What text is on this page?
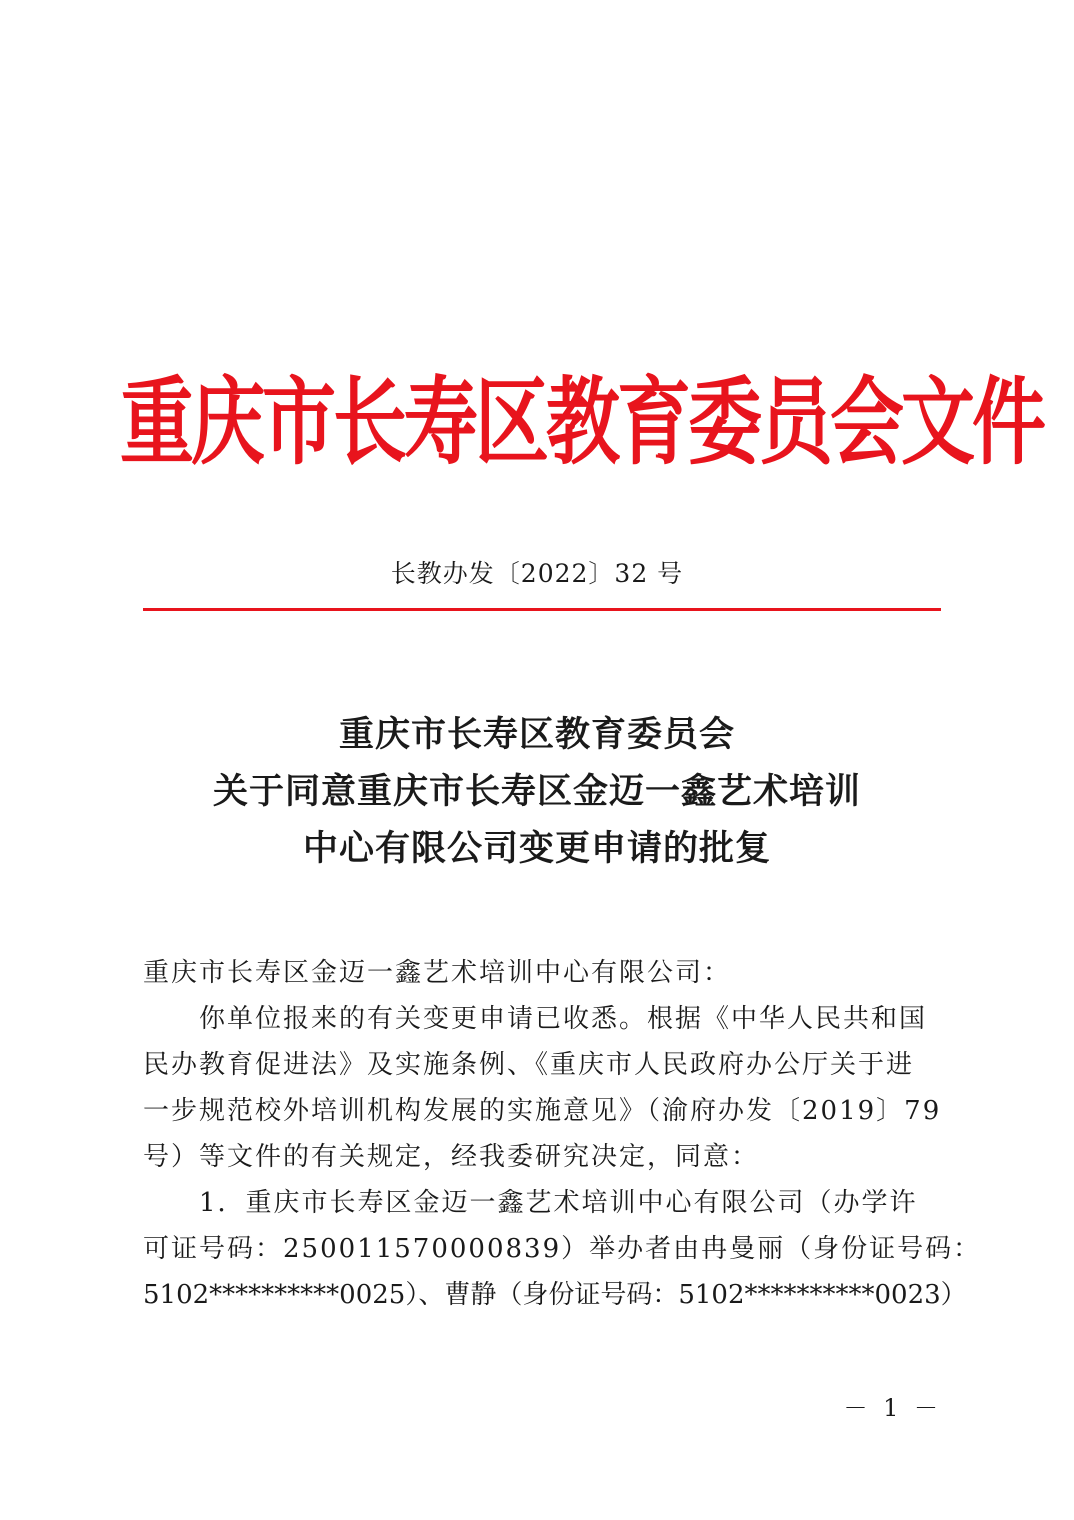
重庆市长寿区教育委员会文件
长教办发〔2022〕32 号
重庆市长寿区教育委员会
关于同意重庆市长寿区金迈一鑫艺术培训
中心有限公司变更申请的批复
重庆市长寿区金迈一鑫艺术培训中心有限公司：
你单位报来的有关变更申请已收悉。根据《中华人民共和国
民办教育促进法》及实施条例、《重庆市人民政府办公厅关于进
一步规范校外培训机构发展的实施意见》（渝府办发〔2019〕79
号）等文件的有关规定，经我委研究决定，同意：
1．重庆市长寿区金迈一鑫艺术培训中心有限公司（办学许
可证号码：250011570000839）举办者由冉曼丽（身份证号码：
5102**********0025）、曹静（身份证号码：5102**********0023）
－ 1 －
